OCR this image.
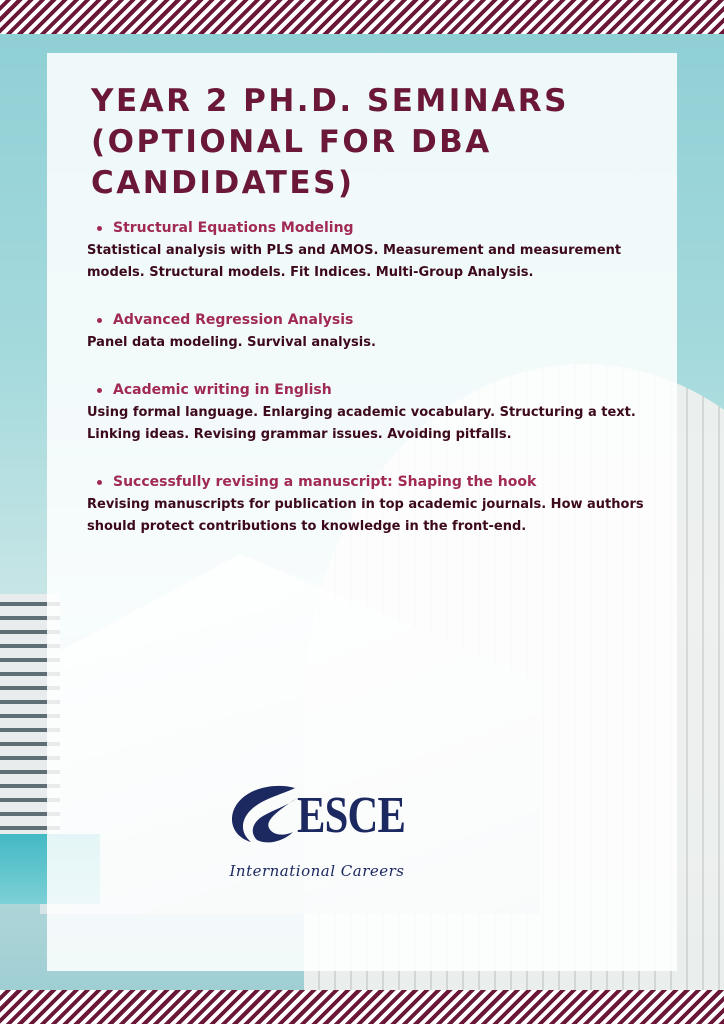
YEAR 2 PH.D. SEMINARS (OPTIONAL FOR DBA CANDIDATES)
Structural Equations Modeling

Statistical analysis with PLS and AMOS. Measurement and measurement models. Structural models. Fit Indices. Multi-Group Analysis.

Advanced Regression Analysis

Panel data modeling. Survival analysis.

Academic writing in English

Using formal language. Enlarging academic vocabulary. Structuring a text. Linking ideas. Revising grammar issues. Avoiding pitfalls.

Successfully revising a manuscript: Shaping the hook

Revising manuscripts for publication in top academic journals. How authors should protect contributions to knowledge in the front-end.

ESCE
International Careers
